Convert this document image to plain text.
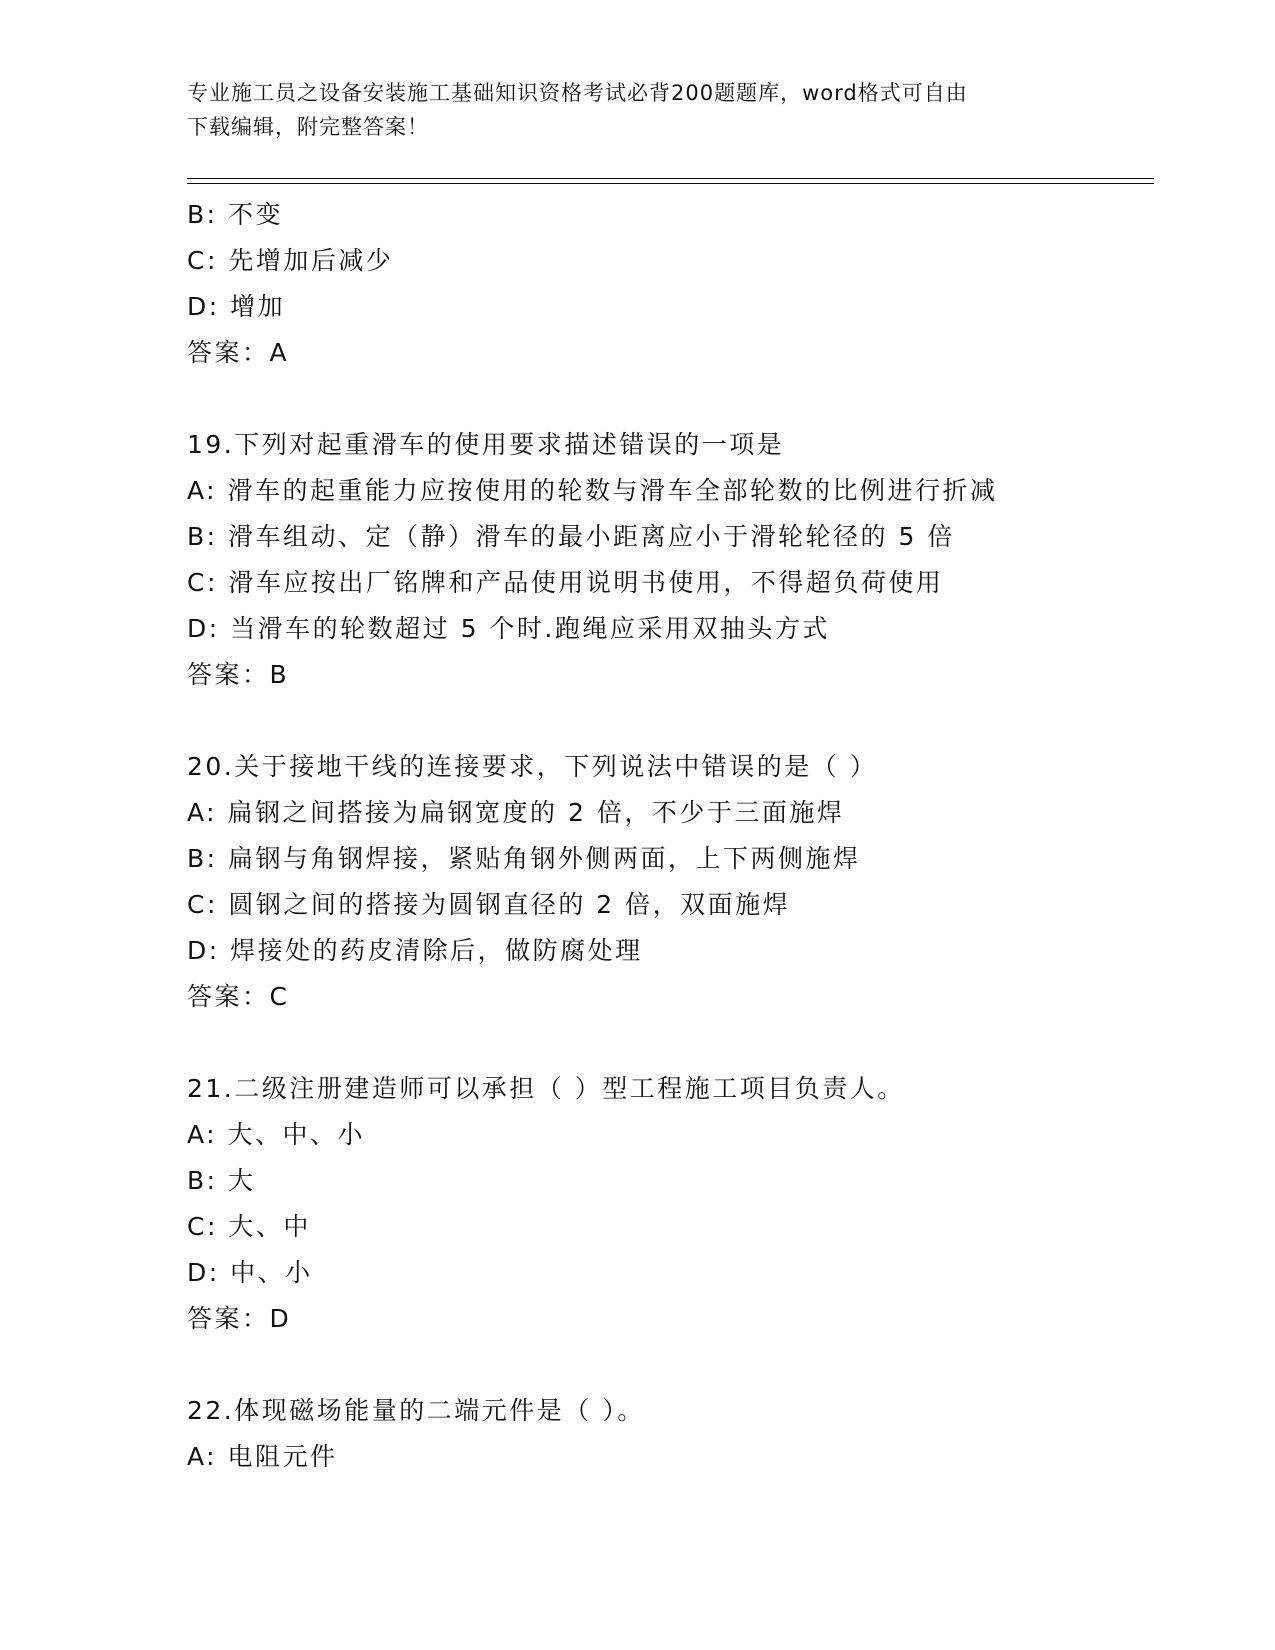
专业施工员之设备安装施工基础知识资格考试必背200题题库，word格式可自由
下载编辑，附完整答案！
B: 不变
C: 先增加后减少
D: 增加
答案：A
19.下列对起重滑车的使用要求描述错误的一项是
A: 滑车的起重能力应按使用的轮数与滑车全部轮数的比例进行折减
B: 滑车组动、定（静）滑车的最小距离应小于滑轮轮径的 5 倍
C: 滑车应按出厂铭牌和产品使用说明书使用，不得超负荷使用
D: 当滑车的轮数超过 5 个时.跑绳应采用双抽头方式
答案：B
20.关于接地干线的连接要求，下列说法中错误的是（ ）
A: 扁钢之间搭接为扁钢宽度的 2 倍，不少于三面施焊
B: 扁钢与角钢焊接，紧贴角钢外侧两面，上下两侧施焊
C: 圆钢之间的搭接为圆钢直径的 2 倍，双面施焊
D: 焊接处的药皮清除后，做防腐处理
答案：C
21.二级注册建造师可以承担（ ）型工程施工项目负责人。
A: 大、中、小
B: 大
C: 大、中
D: 中、小
答案：D
22.体现磁场能量的二端元件是（ ）。
A: 电阻元件
